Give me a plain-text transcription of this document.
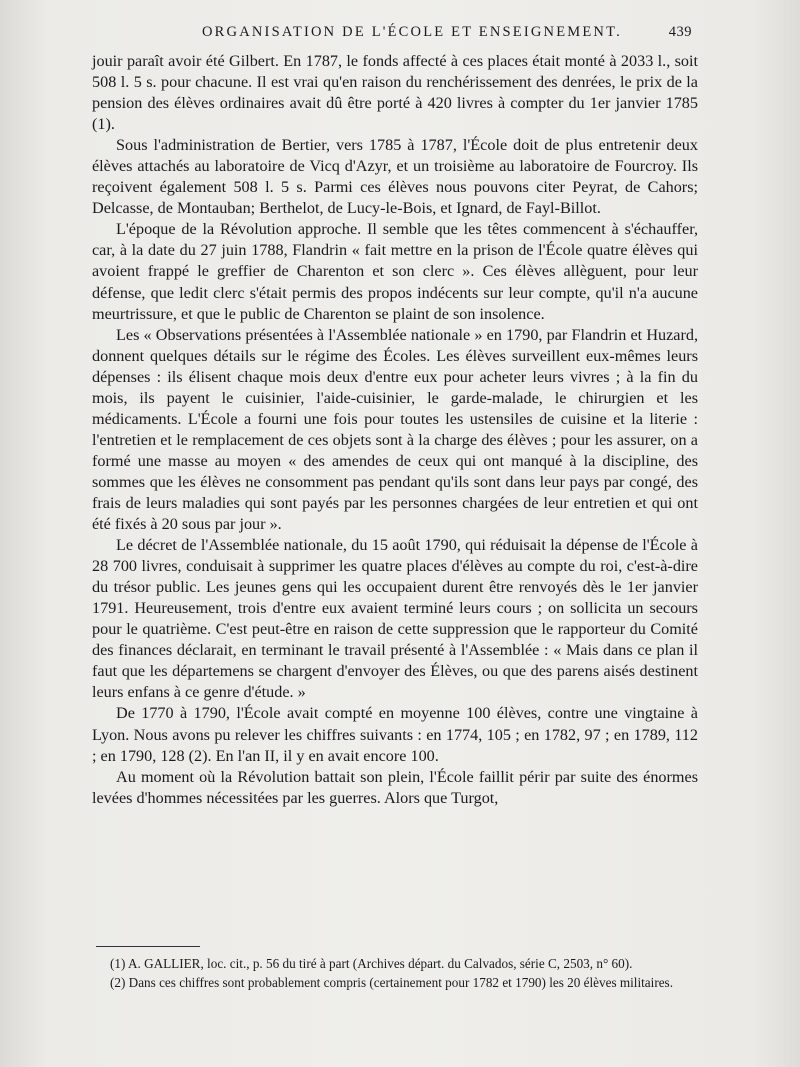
ORGANISATION DE L'ÉCOLE ET ENSEIGNEMENT.	439

jouir paraît avoir été Gilbert. En 1787, le fonds affecté à ces places était monté à 2033 l., soit 508 l. 5 s. pour chacune. Il est vrai qu'en raison du renchérissement des denrées, le prix de la pension des élèves ordinaires avait dû être porté à 420 livres à compter du 1er janvier 1785 (1).

Sous l'administration de Bertier, vers 1785 à 1787, l'École doit de plus entretenir deux élèves attachés au laboratoire de Vicq d'Azyr, et un troisième au laboratoire de Fourcroy. Ils reçoivent également 508 l. 5 s. Parmi ces élèves nous pouvons citer Peyrat, de Cahors; Delcasse, de Montauban; Berthelot, de Lucy-le-Bois, et Ignard, de Fayl-Billot.

L'époque de la Révolution approche. Il semble que les têtes commencent à s'échauffer, car, à la date du 27 juin 1788, Flandrin « fait mettre en la prison de l'École quatre élèves qui avoient frappé le greffier de Charenton et son clerc ». Ces élèves allèguent, pour leur défense, que ledit clerc s'était permis des propos indécents sur leur compte, qu'il n'a aucune meurtrissure, et que le public de Charenton se plaint de son insolence.

Les « Observations présentées à l'Assemblée nationale » en 1790, par Flandrin et Huzard, donnent quelques détails sur le régime des Écoles. Les élèves surveillent eux-mêmes leurs dépenses : ils élisent chaque mois deux d'entre eux pour acheter leurs vivres ; à la fin du mois, ils payent le cuisinier, l'aide-cuisinier, le garde-malade, le chirurgien et les médicaments. L'École a fourni une fois pour toutes les ustensiles de cuisine et la literie : l'entretien et le remplacement de ces objets sont à la charge des élèves ; pour les assurer, on a formé une masse au moyen « des amendes de ceux qui ont manqué à la discipline, des sommes que les élèves ne consomment pas pendant qu'ils sont dans leur pays par congé, des frais de leurs maladies qui sont payés par les personnes chargées de leur entretien et qui ont été fixés à 20 sous par jour ».

Le décret de l'Assemblée nationale, du 15 août 1790, qui réduisait la dépense de l'École à 28 700 livres, conduisait à supprimer les quatre places d'élèves au compte du roi, c'est-à-dire du trésor public. Les jeunes gens qui les occupaient durent être renvoyés dès le 1er janvier 1791. Heureusement, trois d'entre eux avaient terminé leurs cours ; on sollicita un secours pour le quatrième. C'est peut-être en raison de cette suppression que le rapporteur du Comité des finances déclarait, en terminant le travail présenté à l'Assemblée : « Mais dans ce plan il faut que les départemens se chargent d'envoyer des Élèves, ou que des parens aisés destinent leurs enfans à ce genre d'étude. »

De 1770 à 1790, l'École avait compté en moyenne 100 élèves, contre une vingtaine à Lyon. Nous avons pu relever les chiffres suivants : en 1774, 105 ; en 1782, 97 ; en 1789, 112 ; en 1790, 128 (2). En l'an II, il y en avait encore 100.

Au moment où la Révolution battait son plein, l'École faillit périr par suite des énormes levées d'hommes nécessitées par les guerres. Alors que Turgot,

(1) A. GALLIER, loc. cit., p. 56 du tiré à part (Archives départ. du Calvados, série C, 2503, n° 60).

(2) Dans ces chiffres sont probablement compris (certainement pour 1782 et 1790) les 20 élèves militaires.
